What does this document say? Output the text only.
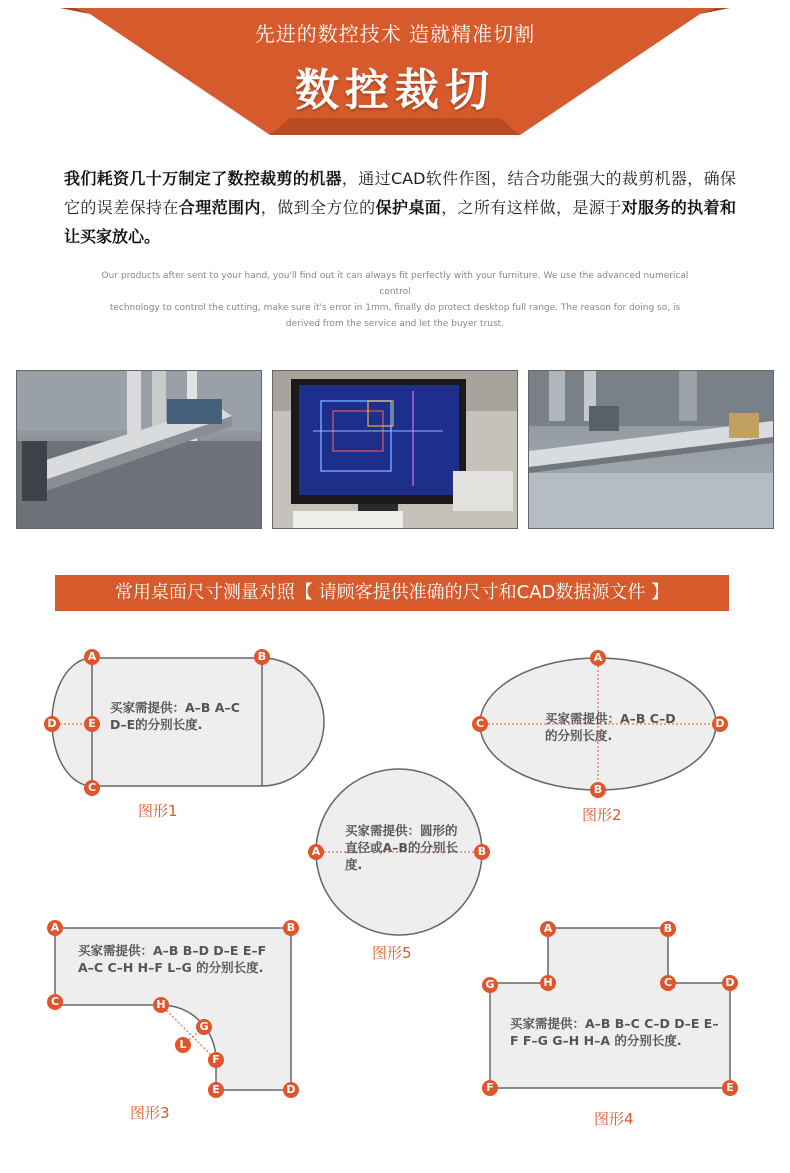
先进的数控技术 造就精准切割
数控裁切
我们耗资几十万制定了数控裁剪的机器，通过CAD软件作图，结合功能强大的裁剪机器，确保它的误差保持在合理范围内，做到全方位的保护桌面，之所有这样做，是源于对服务的执着和让买家放心。
Our products after sent to your hand, you'll find out it can always fit perfectly with your furniture. We use the advanced numerical control
technology to control the cutting, make sure it's error in 1mm, finally do protect desktop full range. The reason for doing so, is
derived from the service and let the buyer trust.
常用桌面尺寸测量对照【 请顾客提供准确的尺寸和CAD数据源文件 】
买家需提供：A–B A–C D–E的分别长度.	买家需提供：A–B C–D的分别长度.
买家需提供：圆形的直径或A–B的分别长度.
买家需提供：A–B B–D D–E E–F A–C C–H H–F L–G 的分别长度.
买家需提供：A–B B–C C–D D–E E–F F–G G–H H–A 的分别长度.
图形1	图形2
图形5
图形3	图形4
A	B
C
D	E
A
B
C	D
A	B
A	B
C
D
E
F
G
H
L
A	B
C	D
E
F
G	H
